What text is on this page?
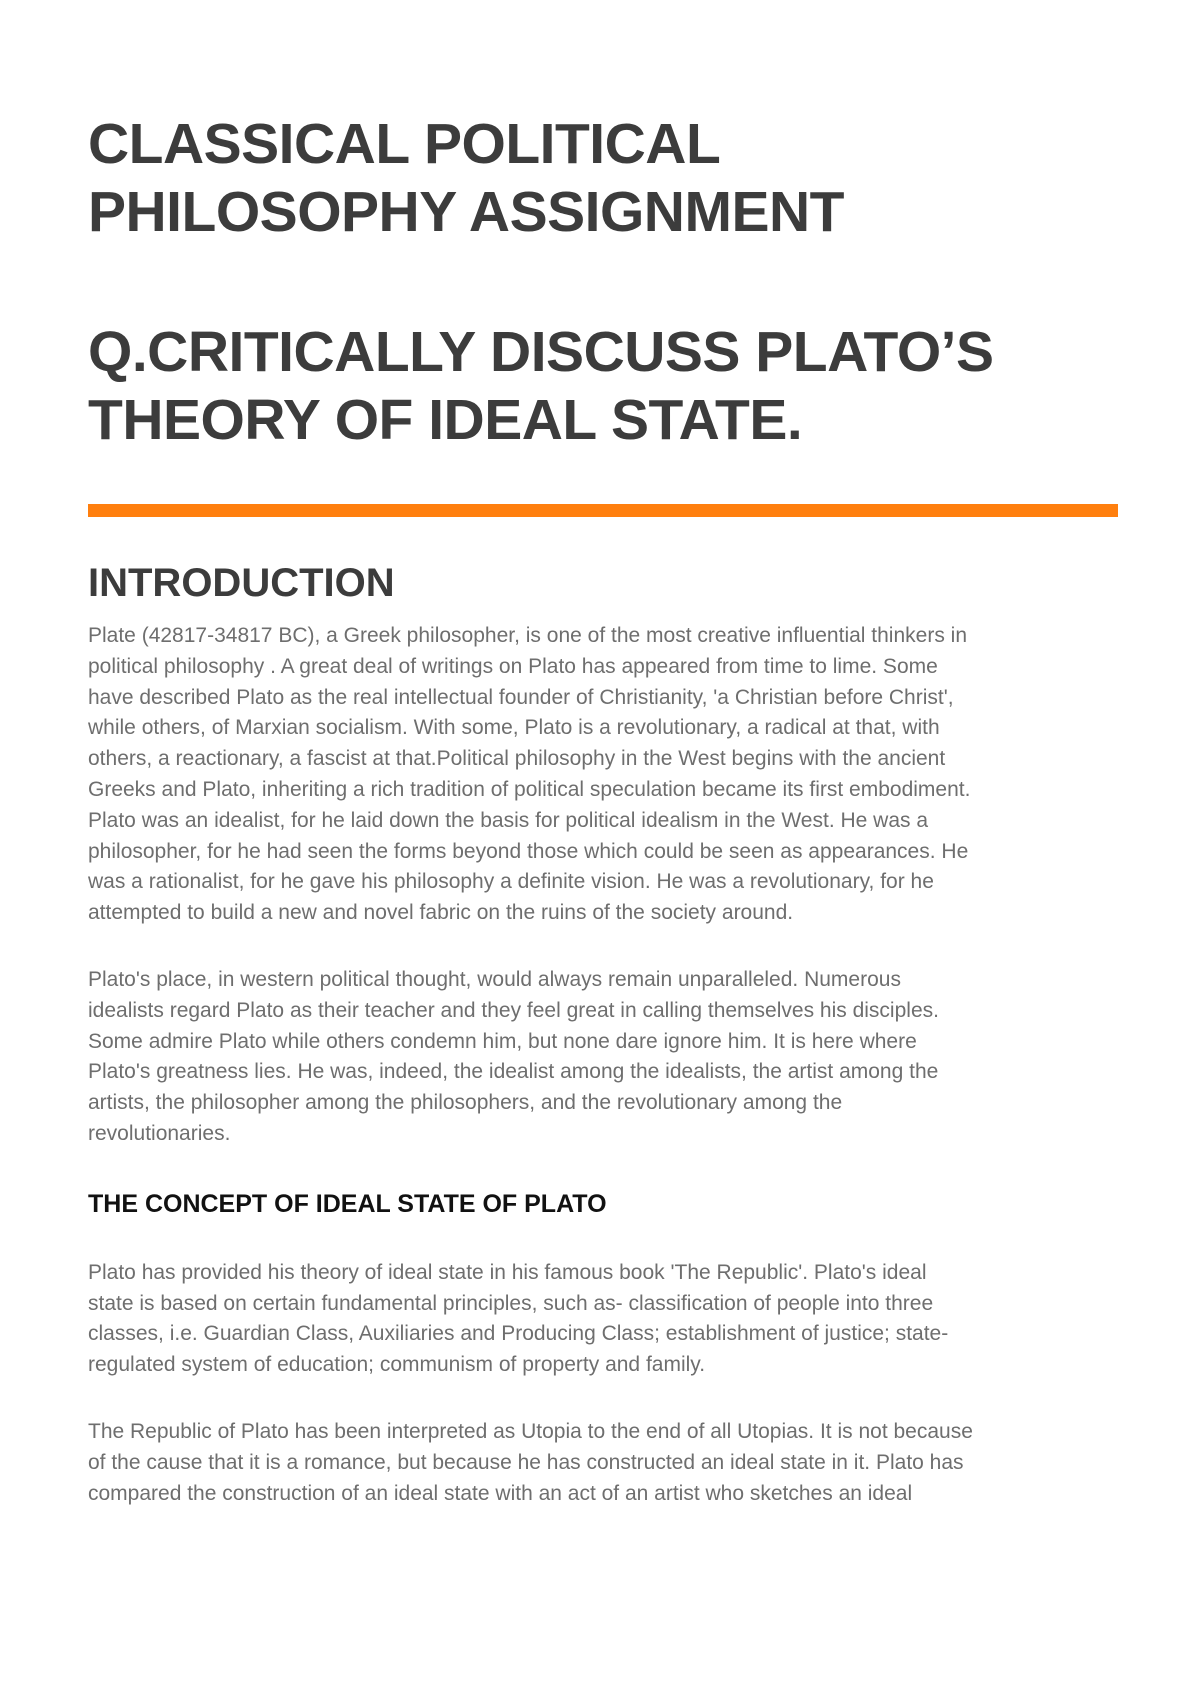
CLASSICAL POLITICAL
PHILOSOPHY ASSIGNMENT
Q.CRITICALLY DISCUSS PLATO’S
THEORY OF IDEAL STATE.
INTRODUCTION

Plate (42817-34817 BC), a Greek philosopher, is one of the most creative influential thinkers in
political philosophy . A great deal of writings on Plato has appeared from time to lime. Some
have described Plato as the real intellectual founder of Christianity, 'a Christian before Christ',
while others, of Marxian socialism. With some, Plato is a revolutionary, a radical at that, with
others, a reactionary, a fascist at that.Political philosophy in the West begins with the ancient
Greeks and Plato, inheriting a rich tradition of political speculation became its first embodiment.
Plato was an idealist, for he laid down the basis for political idealism in the West. He was a
philosopher, for he had seen the forms beyond those which could be seen as appearances. He
was a rationalist, for he gave his philosophy a definite vision. He was a revolutionary, for he
attempted to build a new and novel fabric on the ruins of the society around.

Plato's place, in western political thought, would always remain unparalleled. Numerous
idealists regard Plato as their teacher and they feel great in calling themselves his disciples.
Some admire Plato while others condemn him, but none dare ignore him. It is here where
Plato's greatness lies. He was, indeed, the idealist among the idealists, the artist among the
artists, the philosopher among the philosophers, and the revolutionary among the
revolutionaries.

THE CONCEPT OF IDEAL STATE OF PLATO

Plato has provided his theory of ideal state in his famous book 'The Republic'. Plato's ideal
state is based on certain fundamental principles, such as- classification of people into three
classes, i.e. Guardian Class, Auxiliaries and Producing Class; establishment of justice; state-
regulated system of education; communism of property and family.

The Republic of Plato has been interpreted as Utopia to the end of all Utopias. It is not because
of the cause that it is a romance, but because he has constructed an ideal state in it. Plato has
compared the construction of an ideal state with an act of an artist who sketches an ideal
